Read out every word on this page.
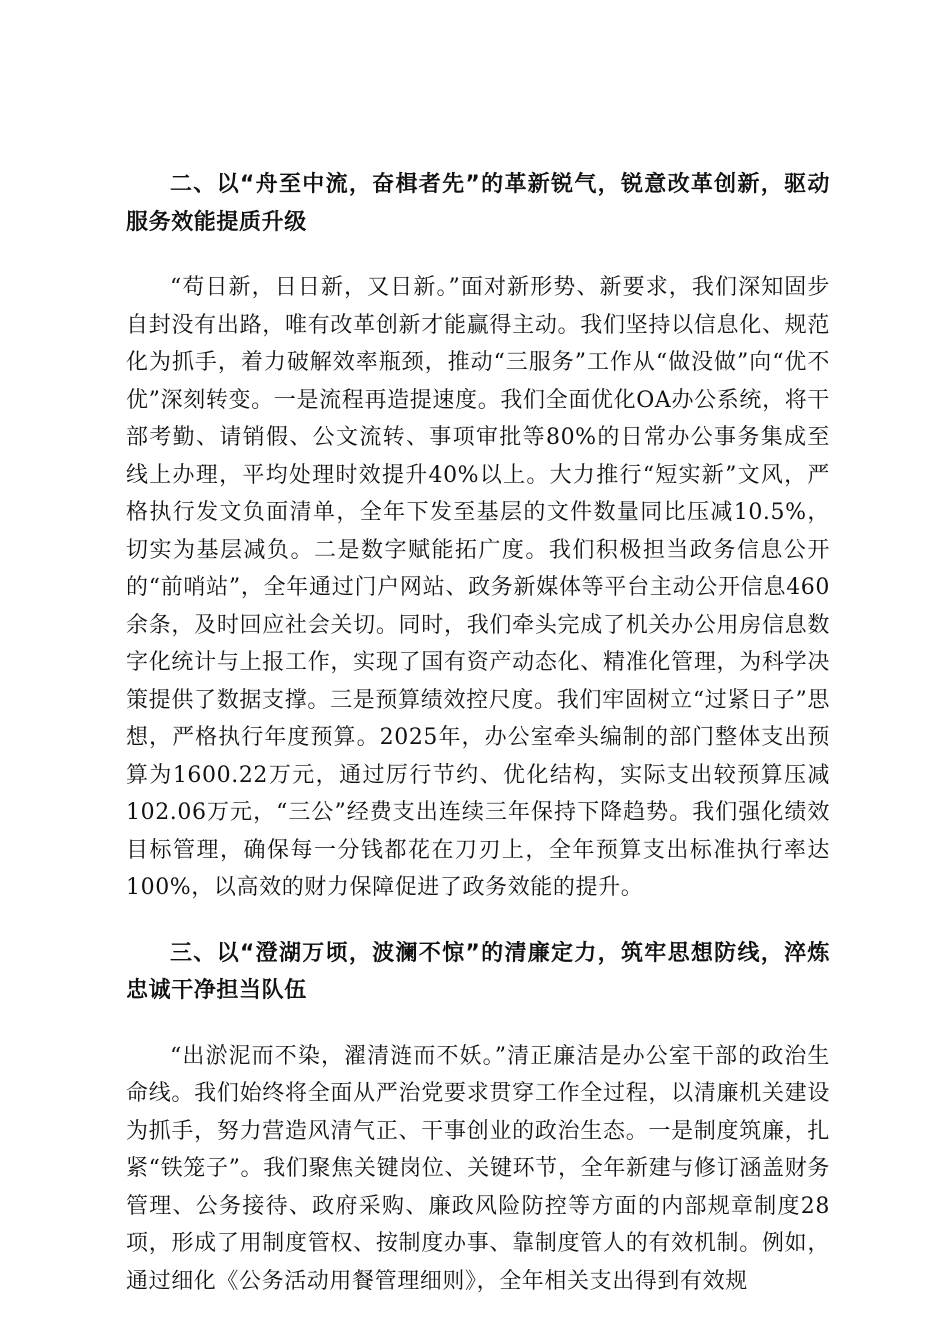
二、以“舟至中流，奋楫者先”的革新锐气，锐意改革创新，驱动服务效能提质升级

“苟日新，日日新，又日新。”面对新形势、新要求，我们深知固步自封没有出路，唯有改革创新才能赢得主动。我们坚持以信息化、规范化为抓手，着力破解效率瓶颈，推动“三服务”工作从“做没做”向“优不优”深刻转变。一是流程再造提速度。我们全面优化OA办公系统，将干部考勤、请销假、公文流转、事项审批等80%的日常办公事务集成至线上办理，平均处理时效提升40%以上。大力推行“短实新”文风，严格执行发文负面清单，全年下发至基层的文件数量同比压减10.5%，切实为基层减负。二是数字赋能拓广度。我们积极担当政务信息公开的“前哨站”，全年通过门户网站、政务新媒体等平台主动公开信息460余条，及时回应社会关切。同时，我们牵头完成了机关办公用房信息数字化统计与上报工作，实现了国有资产动态化、精准化管理，为科学决策提供了数据支撑。三是预算绩效控尺度。我们牢固树立“过紧日子”思想，严格执行年度预算。2025年，办公室牵头编制的部门整体支出预算为1600.22万元，通过厉行节约、优化结构，实际支出较预算压减102.06万元，“三公”经费支出连续三年保持下降趋势。我们强化绩效目标管理，确保每一分钱都花在刀刃上，全年预算支出标准执行率达100%，以高效的财力保障促进了政务效能的提升。

三、以“澄湖万顷，波澜不惊”的清廉定力，筑牢思想防线，淬炼忠诚干净担当队伍

“出淤泥而不染，濯清涟而不妖。”清正廉洁是办公室干部的政治生命线。我们始终将全面从严治党要求贯穿工作全过程，以清廉机关建设为抓手，努力营造风清气正、干事创业的政治生态。一是制度筑廉，扎紧“铁笼子”。我们聚焦关键岗位、关键环节，全年新建与修订涵盖财务管理、公务接待、政府采购、廉政风险防控等方面的内部规章制度28项，形成了用制度管权、按制度办事、靠制度管人的有效机制。例如，通过细化《公务活动用餐管理细则》，全年相关支出得到有效规
